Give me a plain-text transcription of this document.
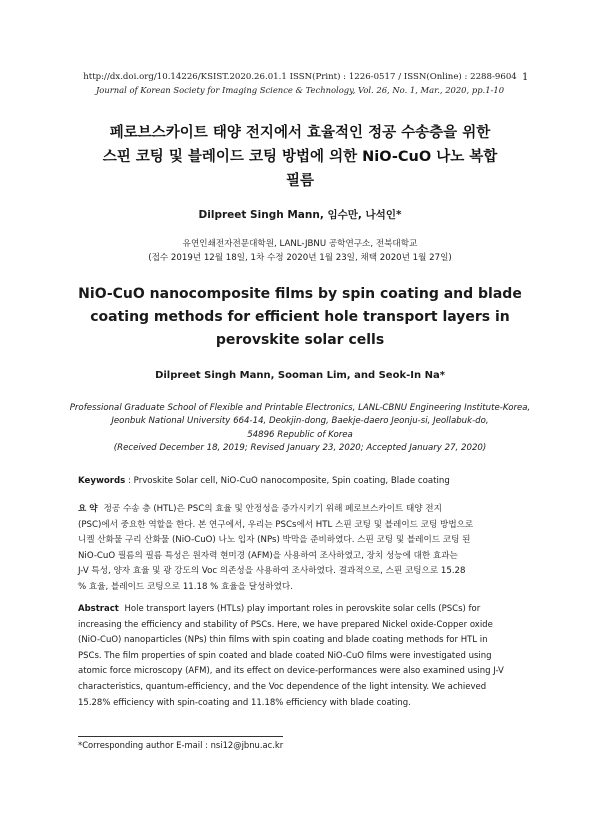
http://dx.doi.org/10.14226/KSIST.2020.26.01.1 ISSN(Print) : 1226-0517 / ISSN(Online) : 2288-9604 1
Journal of Korean Society for Imaging Science & Technology, Vol. 26, No. 1, Mar., 2020, pp.1-10
페로브스카이트 태양 전지에서 효율적인 정공 수송층을 위한
스핀 코팅 및 블레이드 코팅 방법에 의한 NiO-CuO 나노 복합
필름
Dilpreet Singh Mann, 임수만, 나석인*
유연인쇄전자전문대학원, LANL-JBNU 공학연구소, 전북대학교
(접수 2019년 12월 18일, 1차 수정 2020년 1월 23일, 채택 2020년 1월 27일)
NiO-CuO nanocomposite films by spin coating and blade
coating methods for efficient hole transport layers in
perovskite solar cells
Dilpreet Singh Mann, Sooman Lim, and Seok-In Na*
Professional Graduate School of Flexible and Printable Electronics, LANL-CBNU Engineering Institute-Korea,
Jeonbuk National University 664-14, Deokjin-dong, Baekje-daero Jeonju-si, Jeollabuk-do,
54896 Republic of Korea
(Received December 18, 2019; Revised January 23, 2020; Accepted January 27, 2020)
Keywords : Prvoskite Solar cell, NiO-CuO nanocomposite, Spin coating, Blade coating
요 약 정공 수송 층 (HTL)은 PSC의 효율 및 안정성을 증가시키기 위해 페로브스카이트 태양 전지
(PSC)에서 중요한 역할을 한다. 본 연구에서, 우리는 PSCs에서 HTL 스핀 코팅 및 블레이드 코팅 방법으로
니켈 산화물 구리 산화물 (NiO-CuO) 나노 입자 (NPs) 박막을 준비하였다. 스핀 코팅 및 블레이드 코팅 된
NiO-CuO 필름의 필름 특성은 원자력 현미경 (AFM)을 사용하여 조사하였고, 장치 성능에 대한 효과는
J-V 특성, 양자 효율 및 광 강도의 Voc 의존성을 사용하여 조사하였다. 결과적으로, 스핀 코팅으로 15.28
% 효율, 블레이드 코팅으로 11.18 % 효율을 달성하였다.
Abstract Hole transport layers (HTLs) play important roles in perovskite solar cells (PSCs) for
increasing the efficiency and stability of PSCs. Here, we have prepared Nickel oxide-Copper oxide
(NiO-CuO) nanoparticles (NPs) thin films with spin coating and blade coating methods for HTL in
PSCs. The film properties of spin coated and blade coated NiO-CuO films were investigated using
atomic force microscopy (AFM), and its effect on device-performances were also examined using J-V
characteristics, quantum-efficiency, and the Voc dependence of the light intensity. We achieved
15.28% efficiency with spin-coating and 11.18% efficiency with blade coating.
*Corresponding author E-mail : nsi12@jbnu.ac.kr
